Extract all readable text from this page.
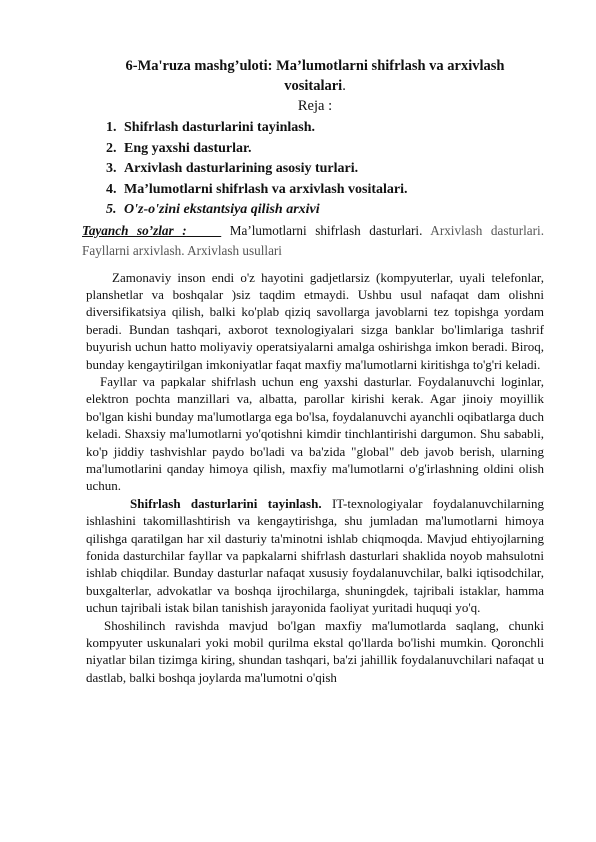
6-Ma'ruza mashg’uloti: Ma’lumotlarni shifrlash va arxivlash
vositalari.
Reja :
1. Shifrlash dasturlarini tayinlash.
2. Eng yaxshi dasturlar.
3. Arxivlash dasturlarining asosiy turlari.
4. Ma’lumotlarni shifrlash va arxivlash vositalari.
5. O'z-o'zini ekstantsiya qilish arxivi
Tayanch so’zlar :	Ma’lumotlarni shifrlash dasturlari. Arxivlash dasturlari.
Fayllarni arxivlash. Arxivlash usullari

Zamonaviy inson endi o'z hayotini gadjetlarsiz (kompyuterlar, uyali telefonlar, planshetlar va boshqalar )siz taqdim etmaydi. Ushbu usul nafaqat dam olishni diversifikatsiya qilish, balki ko'plab qiziq savollarga javoblarni tez topishga yordam beradi. Bundan tashqari, axborot texnologiyalari sizga banklar bo'limlariga tashrif buyurish uchun hatto moliyaviy operatsiyalarni amalga oshirishga imkon beradi. Biroq, bunday kengaytirilgan imkoniyatlar faqat maxfiy ma'lumotlarni kiritishga to'g'ri keladi.

Fayllar va papkalar shifrlash uchun eng yaxshi dasturlar. Foydalanuvchi loginlar, elektron pochta manzillari va, albatta, parollar kirishi kerak. Agar jinoiy moyillik bo'lgan kishi bunday ma'lumotlarga ega bo'lsa, foydalanuvchi ayanchli oqibatlarga duch keladi. Shaxsiy ma'lumotlarni yo'qotishni kimdir tinchlantirishi dargumon. Shu sababli, ko'p jiddiy tashvishlar paydo bo'ladi va ba'zida "global" deb javob berish, ularning ma'lumotlarini qanday himoya qilish, maxfiy ma'lumotlarni o'g'irlashning oldini olish uchun.

Shifrlash dasturlarini tayinlash. IT-texnologiyalar foydalanuvchilarning ishlashini takomillashtirish va kengaytirishga, shu jumladan ma'lumotlarni himoya qilishga qaratilgan har xil dasturiy ta'minotni ishlab chiqmoqda. Mavjud ehtiyojlarning fonida dasturchilar fayllar va papkalarni shifrlash dasturlari shaklida noyob mahsulotni ishlab chiqdilar. Bunday dasturlar nafaqat xususiy foydalanuvchilar, balki iqtisodchilar, buxgalterlar, advokatlar va boshqa ijrochilarga, shuningdek, tajribali istaklar, hamma uchun tajribali istak bilan tanishish jarayonida faoliyat yuritadi huquqi yo'q.

Shoshilinch ravishda mavjud bo'lgan maxfiy ma'lumotlarda saqlang, chunki kompyuter uskunalari yoki mobil qurilma ekstal qo'llarda bo'lishi mumkin. Qoronchli niyatlar bilan tizimga kiring, shundan tashqari, ba'zi jahillik foydalanuvchilari nafaqat u dastlab, balki boshqa joylarda ma'lumotni o'qish
